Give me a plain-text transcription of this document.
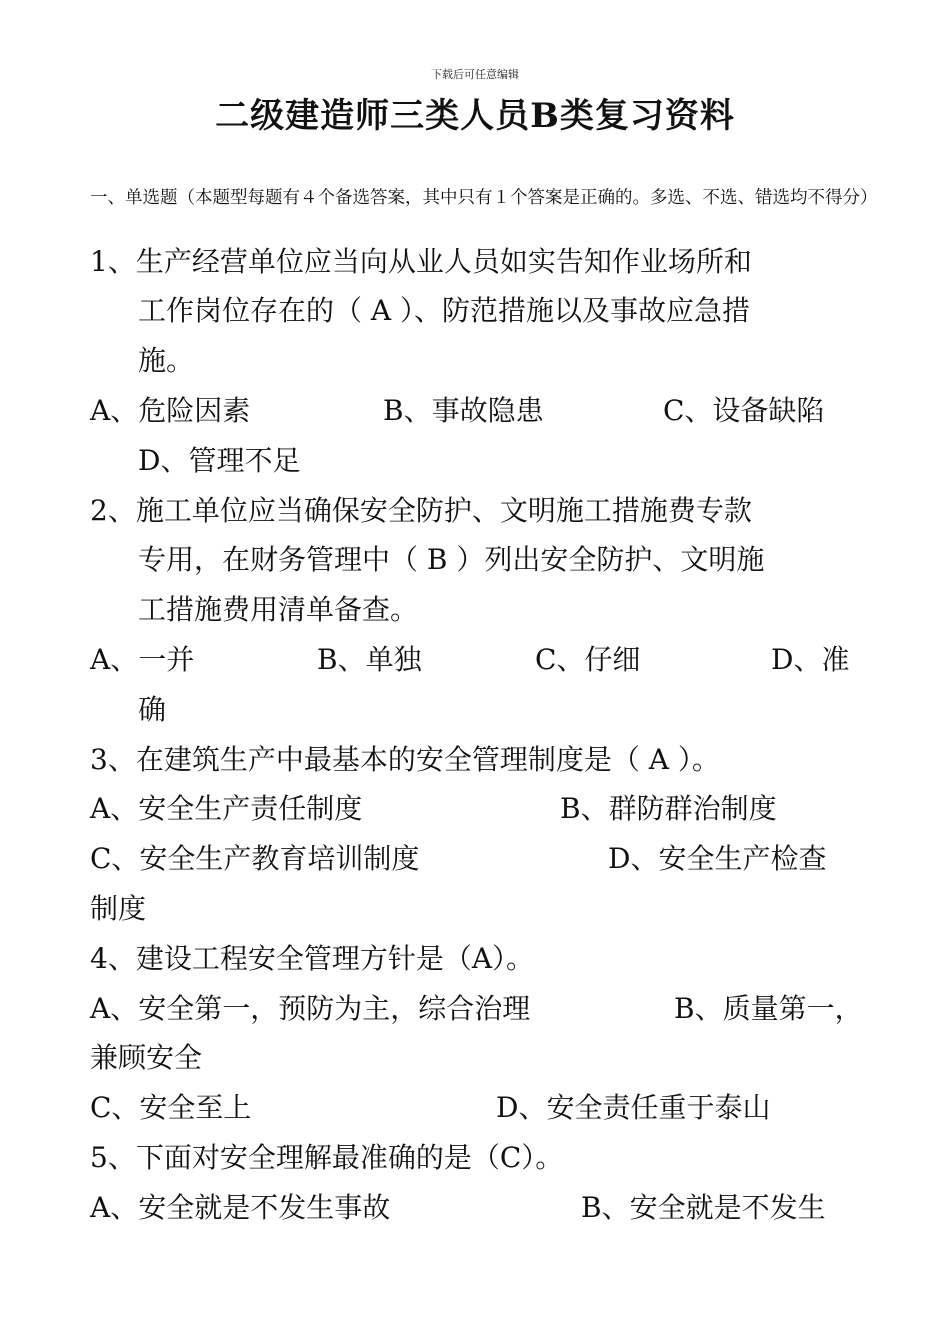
下载后可任意编辑
二级建造师三类人员B类复习资料
一、单选题（本题型每题有４个备选答案，其中只有１个答案是正确的。多选、不选、错选均不得分）
1、生产经营单位应当向从业人员如实告知作业场所和
工作岗位存在的（ A ）、防范措施以及事故应急措
施。
A、危险因素	B、事故隐患	C、设备缺陷
D、管理不足
2、施工单位应当确保安全防护、文明施工措施费专款
专用，在财务管理中（ B ）列出安全防护、文明施
工措施费用清单备查。
A、一并	B、单独	C、仔细	D、准
确
3、在建筑生产中最基本的安全管理制度是（ A ）。
A、安全生产责任制度	B、群防群治制度
C、安全生产教育培训制度	D、安全生产检查
制度
4、建设工程安全管理方针是（A）。
A、安全第一，预防为主，综合治理	B、质量第一，
兼顾安全
C、安全至上	D、安全责任重于泰山
5、下面对安全理解最准确的是（C）。
A、安全就是不发生事故	B、安全就是不发生
